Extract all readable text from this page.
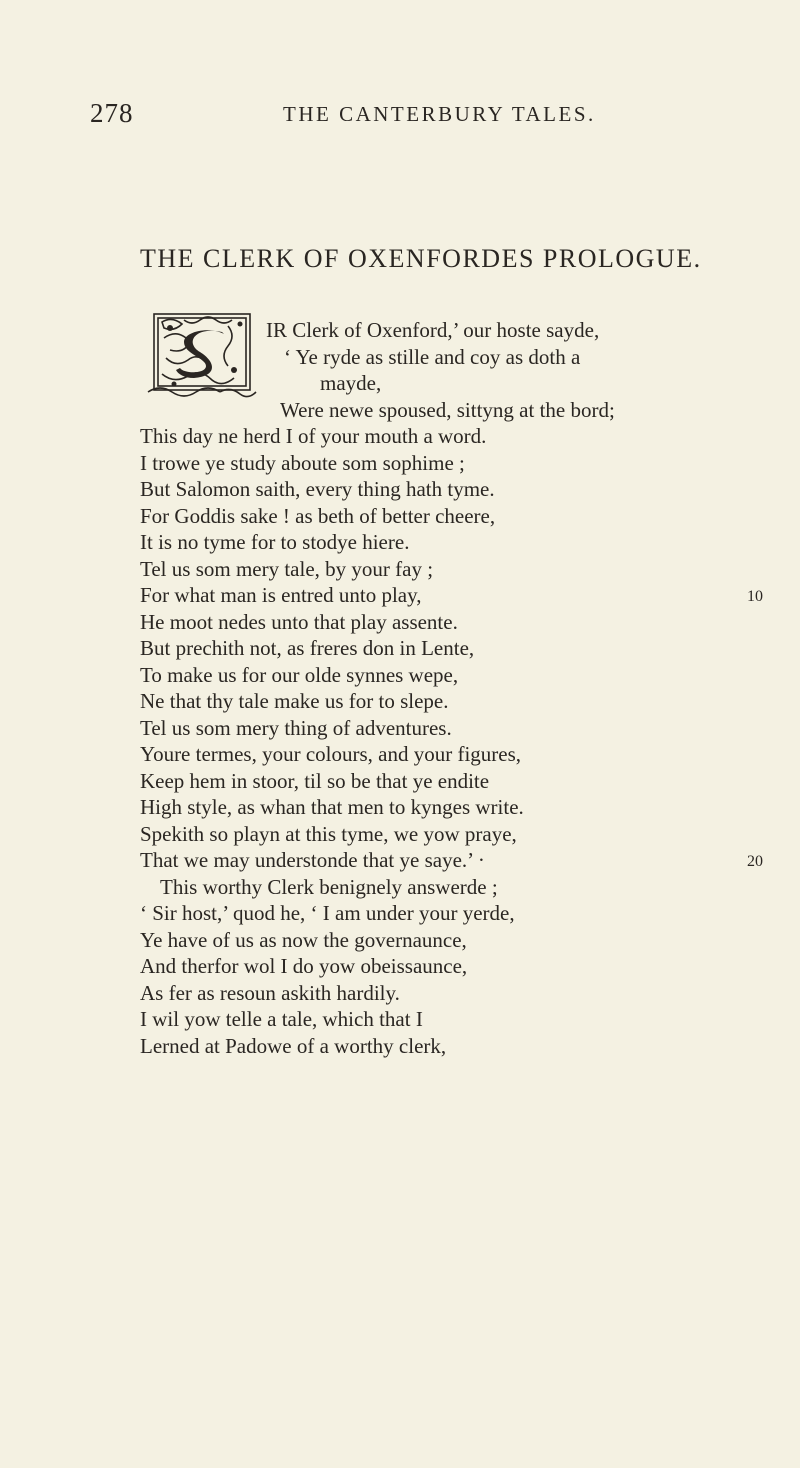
278	THE CANTERBURY TALES.
THE CLERK OF OXENFORDES PROLOGUE.
IR Clerk of Oxenford,’ our hoste sayde,
‘ Ye ryde as stille and coy as doth a
mayde,
Were newe spoused, sittyng at the bord;
This day ne herd I of your mouth a word.
I trowe ye study aboute som sophime ;
But Salomon saith, every thing hath tyme.
For Goddis sake ! as beth of better cheere,
It is no tyme for to stodye hiere.
Tel us som mery tale, by your fay ;
For what man is entred unto play,
He moot nedes unto that play assente.
But prechith not, as freres don in Lente,
To make us for our olde synnes wepe,
Ne that thy tale make us for to slepe.
Tel us som mery thing of adventures.
Youre termes, your colours, and your figures,
Keep hem in stoor, til so be that ye endite
High style, as whan that men to kynges write.
Spekith so playn at this tyme, we yow praye,
That we may understonde that ye saye.’ ·
This worthy Clerk benignely answerde ;
‘ Sir host,’ quod he, ‘ I am under your yerde,
Ye have of us as now the governaunce,
And therfor wol I do yow obeissaunce,
As fer as resoun askith hardily.
I wil yow telle a tale, which that I
Lerned at Padowe of a worthy clerk,
10
20
